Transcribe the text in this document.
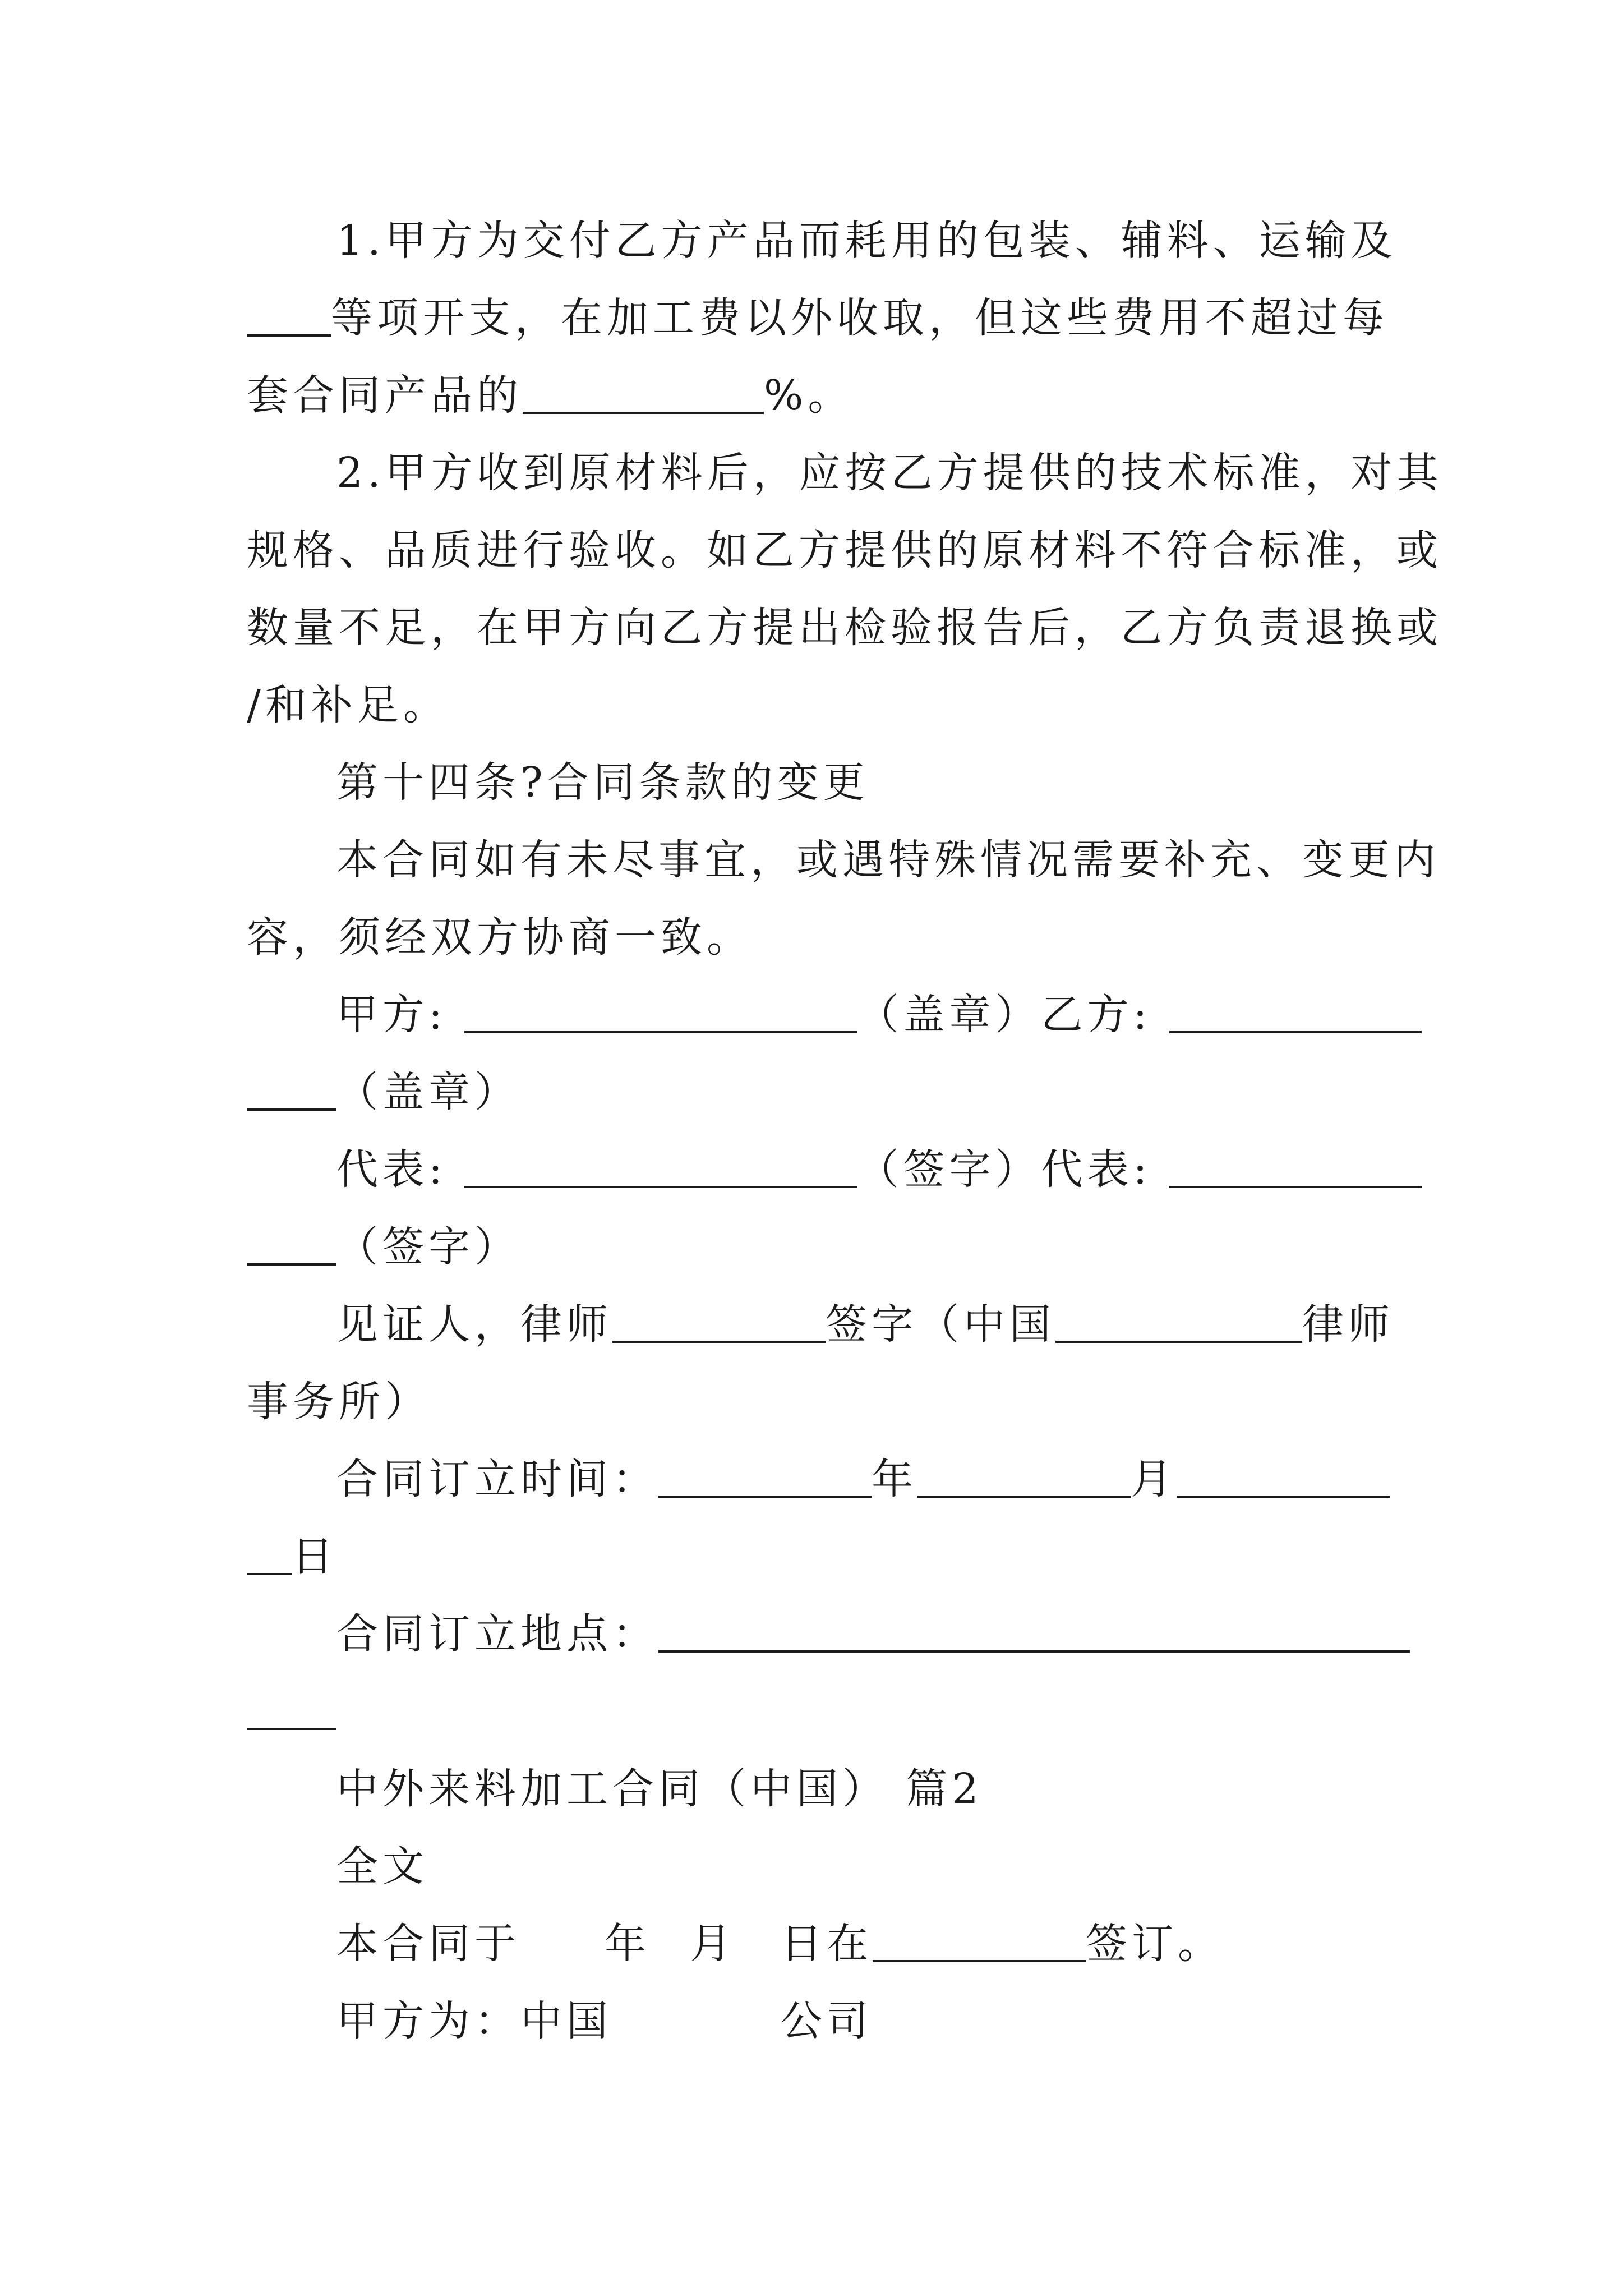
1.甲方为交付乙方产品而耗用的包装、辅料、运输及
等项开支，在加工费以外收取，但这些费用不超过每
套合同产品的	%。
2.甲方收到原材料后，应按乙方提供的技术标准，对其
规格、品质进行验收。如乙方提供的原材料不符合标准，或
数量不足，在甲方向乙方提出检验报告后，乙方负责退换或
/和补足。
第十四条?合同条款的变更
本合同如有未尽事宜，或遇特殊情况需要补充、变更内
容，须经双方协商一致。
甲方:	（盖章）乙方:
（盖章）
代表:	（签字）代表:
（签字）
见证人，律师	签字（中国	律师
事务所）
合同订立时间：	年	月
日
合同订立地点：
中外来料加工合同（中国） 篇2
全文
本合同于 年 月 日在	签订。
甲方为：中国	公司
